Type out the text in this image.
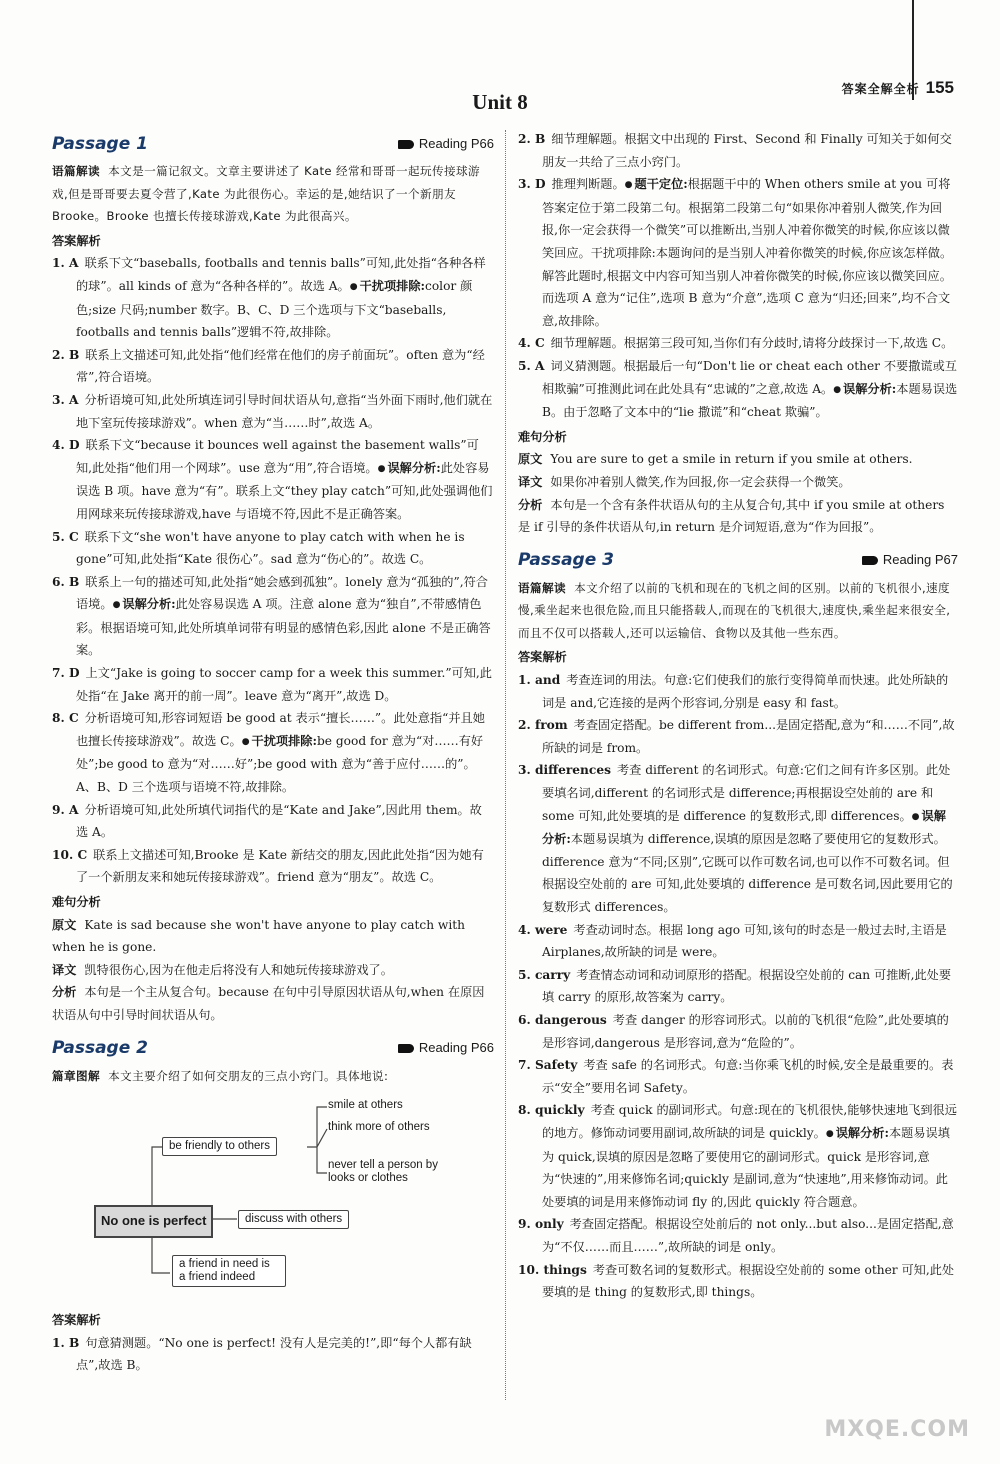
答案全解全析 155
Unit 8
Passage 1	Reading P66
语篇解读 本文是一篇记叙文。文章主要讲述了 Kate 经常和哥哥一起玩传接球游戏,但是哥哥要去夏令营了,Kate 为此很伤心。幸运的是,她结识了一个新朋友 Brooke。Brooke 也擅长传接球游戏,Kate 为此很高兴。
答案解析
1. A 联系下文“baseballs, footballs and tennis balls”可知,此处指“各种各样的球”。all kinds of 意为“各种各样的”。故选 A。 ● 干扰项排除:color 颜色;size 尺码;number 数字。B、C、D 三个选项与下文“baseballs, footballs and tennis balls”逻辑不符,故排除。
2. B 联系上文描述可知,此处指“他们经常在他们的房子前面玩”。often 意为“经常”,符合语境。
3. A 分析语境可知,此处所填连词引导时间状语从句,意指“当外面下雨时,他们就在地下室玩传接球游戏”。when 意为“当……时”,故选 A。
4. D 联系下文“because it bounces well against the basement walls”可知,此处指“他们用一个网球”。use 意为“用”,符合语境。 ● 误解分析:此处容易误选 B 项。have 意为“有”。联系上文“they play catch”可知,此处强调他们用网球来玩传接球游戏,have 与语境不符,因此不是正确答案。
5. C 联系下文“she won't have anyone to play catch with when he is gone”可知,此处指“Kate 很伤心”。sad 意为“伤心的”。故选 C。
6. B 联系上一句的描述可知,此处指“她会感到孤独”。lonely 意为“孤独的”,符合语境。 ● 误解分析:此处容易误选 A 项。注意 alone 意为“独自”,不带感情色彩。根据语境可知,此处所填单词带有明显的感情色彩,因此 alone 不是正确答案。
7. D 上文“Jake is going to soccer camp for a week this summer.”可知,此处指“在 Jake 离开的前一周”。leave 意为“离开”,故选 D。
8. C 分析语境可知,形容词短语 be good at 表示“擅长……”。此处意指“并且她也擅长传接球游戏”。故选 C。 ● 干扰项排除:be good for 意为“对……有好处”;be good to 意为“对……好”;be good with 意为“善于应付……的”。A、B、D 三个选项与语境不符,故排除。
9. A 分析语境可知,此处所填代词指代的是“Kate and Jake”,因此用 them。故选 A。
10. C 联系上文描述可知,Brooke 是 Kate 新结交的朋友,因此此处指“因为她有了一个新朋友来和她玩传接球游戏”。friend 意为“朋友”。故选 C。
难句分析
原文 Kate is sad because she won't have anyone to play catch with when he is gone.
译文 凯特很伤心,因为在他走后将没有人和她玩传接球游戏了。
分析 本句是一个主从复合句。because 在句中引导原因状语从句,when 在原因状语从句中引导时间状语从句。
Passage 2	Reading P66
篇章图解 本文主要介绍了如何交朋友的三点小窍门。具体地说:
No one is perfect
be friendly to others
smile at others
think more of others
never tell a person by looks or clothes
discuss with others
a friend in need is a friend indeed
答案解析
1. B 句意猜测题。“No one is perfect! 没有人是完美的!”,即“每个人都有缺点”,故选 B。
2. B 细节理解题。根据文中出现的 First、Second 和 Finally 可知关于如何交朋友一共给了三点小窍门。
3. D 推理判断题。 ● 题干定位:根据题干中的 When others smile at you 可将答案定位于第二段第二句。根据第二段第二句“如果你冲着别人微笑,作为回报,你一定会获得一个微笑”可以推断出,当别人冲着你微笑的时候,你应该以微笑回应。干扰项排除:本题询问的是当别人冲着你微笑的时候,你应该怎样做。解答此题时,根据文中内容可知当别人冲着你微笑的时候,你应该以微笑回应。而选项 A 意为“记住”,选项 B 意为“介意”,选项 C 意为“归还;回来”,均不合文意,故排除。
4. C 细节理解题。根据第三段可知,当你们有分歧时,请将分歧探讨一下,故选 C。
5. A 词义猜测题。根据最后一句“Don't lie or cheat each other 不要撒谎或互相欺骗”可推测此词在此处具有“忠诚的”之意,故选 A。 ● 误解分析:本题易误选 B。由于忽略了文本中的“lie 撒谎”和“cheat 欺骗”。
难句分析
原文 You are sure to get a smile in return if you smile at others.
译文 如果你冲着别人微笑,作为回报,你一定会获得一个微笑。
分析 本句是一个含有条件状语从句的主从复合句,其中 if you smile at others 是 if 引导的条件状语从句,in return 是介词短语,意为“作为回报”。
Passage 3	Reading P67
语篇解读 本文介绍了以前的飞机和现在的飞机之间的区别。以前的飞机很小,速度慢,乘坐起来也很危险,而且只能搭载人,而现在的飞机很大,速度快,乘坐起来很安全,而且不仅可以搭载人,还可以运输信、食物以及其他一些东西。
答案解析
1. and 考查连词的用法。句意:它们使我们的旅行变得简单而快速。此处所缺的词是 and,它连接的是两个形容词,分别是 easy 和 fast。
2. from 考查固定搭配。be different from...是固定搭配,意为“和……不同”,故所缺的词是 from。
3. differences 考查 different 的名词形式。句意:它们之间有许多区别。此处要填名词,different 的名词形式是 difference;再根据设空处前的 are 和 some 可知,此处要填的是 difference 的复数形式,即 differences。 ● 误解分析:本题易误填为 difference,误填的原因是忽略了要使用它的复数形式。difference 意为“不同;区别”,它既可以作可数名词,也可以作不可数名词。但根据设空处前的 are 可知,此处要填的 difference 是可数名词,因此要用它的复数形式 differences。
4. were 考查动词时态。根据 long ago 可知,该句的时态是一般过去时,主语是 Airplanes,故所缺的词是 were。
5. carry 考查情态动词和动词原形的搭配。根据设空处前的 can 可推断,此处要填 carry 的原形,故答案为 carry。
6. dangerous 考查 danger 的形容词形式。以前的飞机很“危险”,此处要填的是形容词,dangerous 是形容词,意为“危险的”。
7. Safety 考查 safe 的名词形式。句意:当你乘飞机的时候,安全是最重要的。表示“安全”要用名词 Safety。
8. quickly 考查 quick 的副词形式。句意:现在的飞机很快,能够快速地飞到很远的地方。修饰动词要用副词,故所缺的词是 quickly。 ● 误解分析:本题易误填为 quick,误填的原因是忽略了要使用它的副词形式。quick 是形容词,意为“快速的”,用来修饰名词;quickly 是副词,意为“快速地”,用来修饰动词。此处要填的词是用来修饰动词 fly 的,因此 quickly 符合题意。
9. only 考查固定搭配。根据设空处前后的 not only...but also...是固定搭配,意为“不仅……而且……”,故所缺的词是 only。
10. things 考查可数名词的复数形式。根据设空处前的 some other 可知,此处要填的是 thing 的复数形式,即 things。
MXQE.COM
